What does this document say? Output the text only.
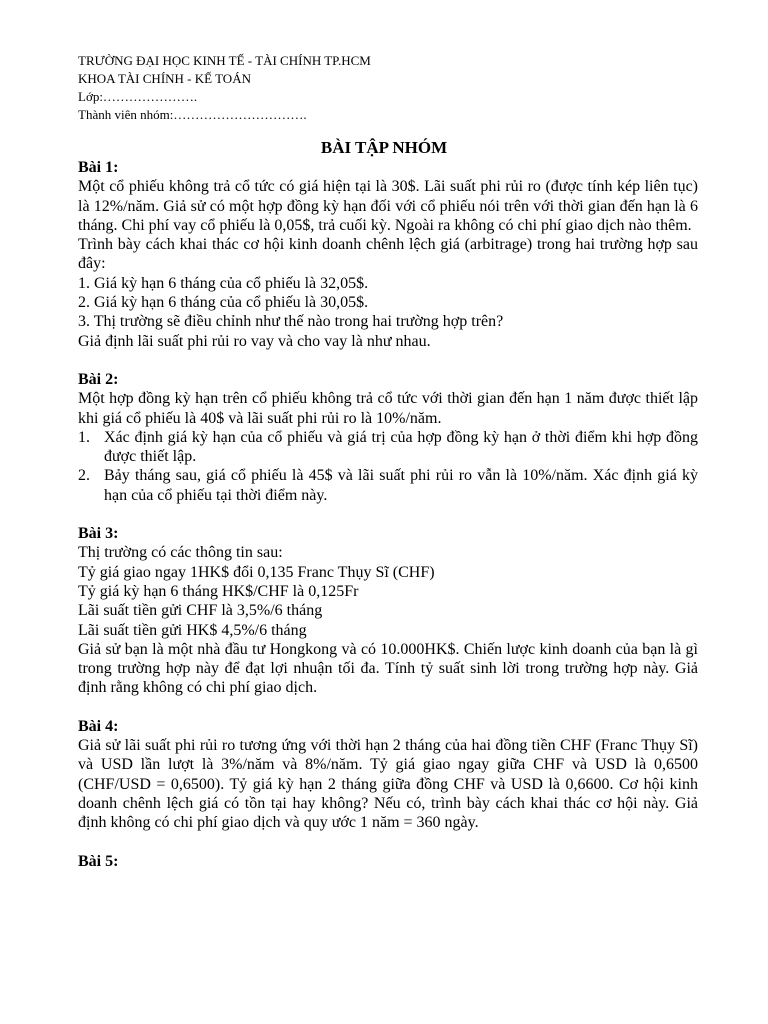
TRƯỜNG ĐẠI HỌC KINH TẾ - TÀI CHÍNH TP.HCM
KHOA TÀI CHÍNH - KẾ TOÁN
Lớp:………………….
Thành viên nhóm:………………………….
BÀI TẬP NHÓM
Bài 1:
Một cổ phiếu không trả cổ tức có giá hiện tại là 30$. Lãi suất phi rủi ro (được tính kép liên tục) là 12%/năm. Giả sử có một hợp đồng kỳ hạn đối với cổ phiếu nói trên với thời gian đến hạn là 6 tháng. Chi phí vay cổ phiếu là 0,05$, trả cuối kỳ. Ngoài ra không có chi phí giao dịch nào thêm.
Trình bày cách khai thác cơ hội kinh doanh chênh lệch giá (arbitrage) trong hai trường hợp sau đây:
1. Giá kỳ hạn 6 tháng của cổ phiếu là 32,05$.
2. Giá kỳ hạn 6 tháng của cổ phiếu là 30,05$.
3. Thị trường sẽ điều chỉnh như thế nào trong hai trường hợp trên?
Giả định lãi suất phi rủi ro vay và cho vay là như nhau.
Bài 2:
Một hợp đồng kỳ hạn trên cổ phiếu không trả cổ tức với thời gian đến hạn 1 năm được thiết lập khi giá cổ phiếu là 40$ và lãi suất phi rủi ro là 10%/năm.
1. Xác định giá kỳ hạn của cổ phiếu và giá trị của hợp đồng kỳ hạn ở thời điểm khi hợp đồng được thiết lập.
2. Bảy tháng sau, giá cổ phiếu là 45$ và lãi suất phi rủi ro vẫn là 10%/năm. Xác định giá kỳ hạn của cổ phiếu tại thời điểm này.
Bài 3:
Thị trường có các thông tin sau:
Tỷ giá giao ngay 1HK$ đổi 0,135 Franc Thụy Sĩ (CHF)
Tỷ giá kỳ hạn 6 tháng HK$/CHF là 0,125Fr
Lãi suất tiền gửi CHF là 3,5%/6 tháng
Lãi suất tiền gửi HK$ 4,5%/6 tháng
Giả sử bạn là một nhà đầu tư Hongkong và có 10.000HK$. Chiến lược kinh doanh của bạn là gì trong trường hợp này để đạt lợi nhuận tối đa. Tính tỷ suất sinh lời trong trường hợp này. Giả định rằng không có chi phí giao dịch.
Bài 4:
Giả sử lãi suất phi rủi ro tương ứng với thời hạn 2 tháng của hai đồng tiền CHF (Franc Thụy Sĩ) và USD lần lượt là 3%/năm và 8%/năm. Tỷ giá giao ngay giữa CHF và USD là 0,6500 (CHF/USD = 0,6500). Tỷ giá kỳ hạn 2 tháng giữa đồng CHF và USD là 0,6600. Cơ hội kinh doanh chênh lệch giá có tồn tại hay không? Nếu có, trình bày cách khai thác cơ hội này. Giả định không có chi phí giao dịch và quy ước 1 năm = 360 ngày.
Bài 5:
